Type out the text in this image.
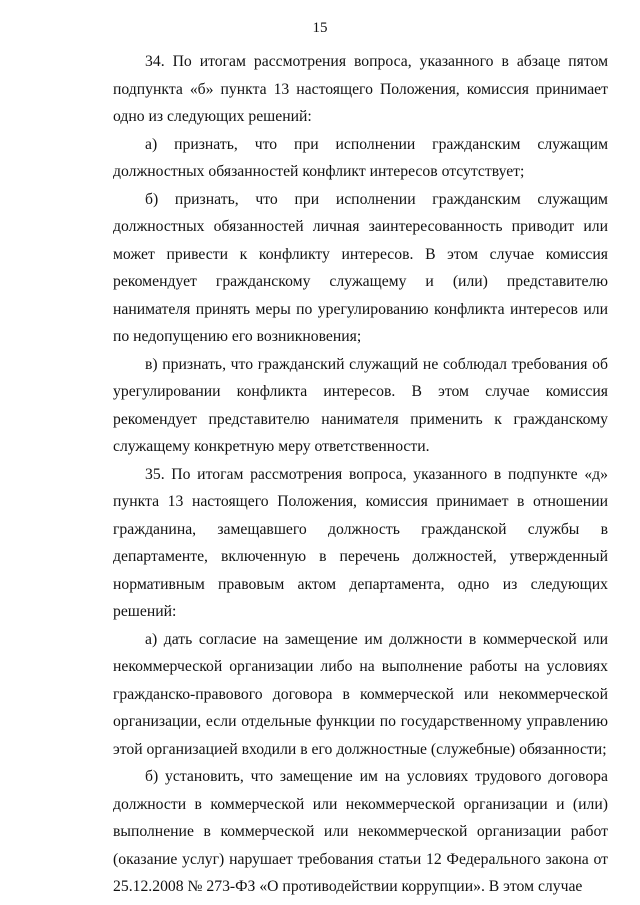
15

34. По итогам рассмотрения вопроса, указанного в абзаце пятом подпункта «б» пункта 13 настоящего Положения, комиссия принимает одно из следующих решений:

а) признать, что при исполнении гражданским служащим должностных обязанностей конфликт интересов отсутствует;

б) признать, что при исполнении гражданским служащим должностных обязанностей личная заинтересованность приводит или может привести к конфликту интересов. В этом случае комиссия рекомендует гражданскому служащему и (или) представителю нанимателя принять меры по урегулированию конфликта интересов или по недопущению его возникновения;

в) признать, что гражданский служащий не соблюдал требования об урегулировании конфликта интересов. В этом случае комиссия рекомендует представителю нанимателя применить к гражданскому служащему конкретную меру ответственности.

35. По итогам рассмотрения вопроса, указанного в подпункте «д» пункта 13 настоящего Положения, комиссия принимает в отношении гражданина, замещавшего должность гражданской службы в департаменте, включенную в перечень должностей, утвержденный нормативным правовым актом департамента, одно из следующих решений:

а) дать согласие на замещение им должности в коммерческой или некоммерческой организации либо на выполнение работы на условиях гражданско-правового договора в коммерческой или некоммерческой организации, если отдельные функции по государственному управлению этой организацией входили в его должностные (служебные) обязанности;

б) установить, что замещение им на условиях трудового договора должности в коммерческой или некоммерческой организации и (или) выполнение в коммерческой или некоммерческой организации работ (оказание услуг) нарушает требования статьи 12 Федерального закона от 25.12.2008 № 273-ФЗ «О противодействии коррупции». В этом случае
